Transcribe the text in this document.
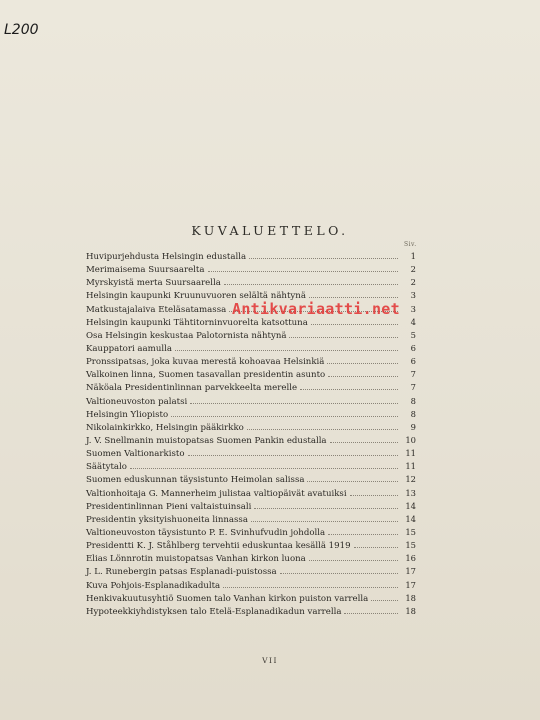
L200
KUVALUETTELO.
Siv.
Huvipurjehdusta Helsingin edustalla	1
Merimaisema Suursaarelta	2
Myrskyistä merta Suursaarella	2
Helsingin kaupunki Kruunuvuoren selältä nähtynä	3
Matkustajalaiva Eteläsatamassa	3
Helsingin kaupunki Tähtitorninvuorelta katsottuna	4
Osa Helsingin keskustaa Palotornista nähtynä	5
Kauppatori aamulla	6
Pronssipatsas, joka kuvaa merestä kohoavaa Helsinkiä	6
Valkoinen linna, Suomen tasavallan presidentin asunto	7
Näköala Presidentinlinnan parvekkeelta merelle	7
Valtioneuvoston palatsi	8
Helsingin Yliopisto	8
Nikolainkirkko, Helsingin pääkirkko	9
J. V. Snellmanin muistopatsas Suomen Pankin edustalla	10
Suomen Valtionarkisto	11
Säätytalo	11
Suomen eduskunnan täysistunto Heimolan salissa	12
Valtionhoitaja G. Mannerheim julistaa valtiopäivät avatuiksi	13
Presidentinlinnan Pieni valtaistuinsali	14
Presidentin yksityishuoneita linnassa	14
Valtioneuvoston täysistunto P. E. Svinhufvudin johdolla	15
Presidentti K. J. Ståhlberg tervehtii eduskuntaa kesällä 1919	15
Elias Lönnrotin muistopatsas Vanhan kirkon luona	16
J. L. Runebergin patsas Esplanadi-puistossa	17
Kuva Pohjois-Esplanadikadulta	17
Henkivakuutusyhtiö Suomen talo Vanhan kirkon puiston varrella	18
Hypoteekkiyhdistyksen talo Etelä-Esplanadikadun varrella	18
Antikvariaatti.net
VII
